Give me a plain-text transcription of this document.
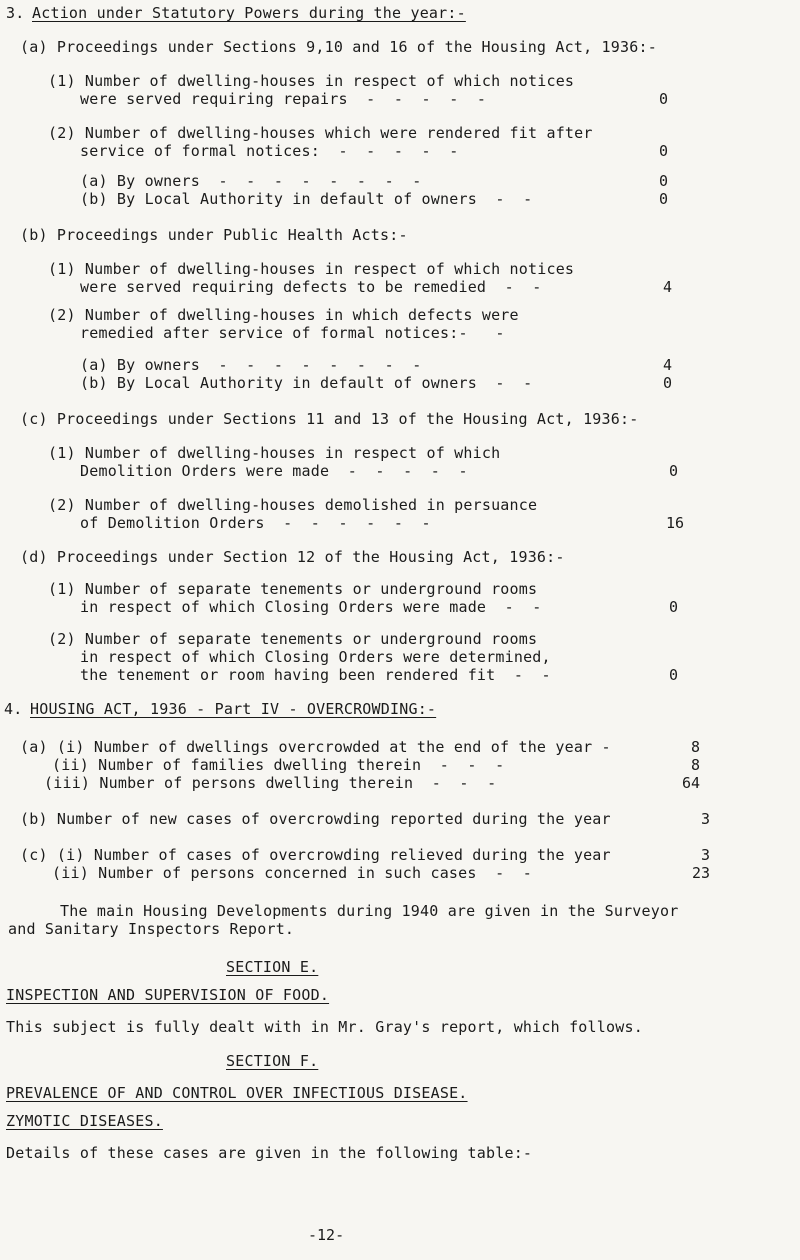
3. Action under Statutory Powers during the year:-
(a) Proceedings under Sections 9,10 and 16 of the Housing Act, 1936:-
(1) Number of dwelling-houses in respect of which notices
were served requiring repairs  -  -  -  -  -	0
(2) Number of dwelling-houses which were rendered fit after
service of formal notices:  -  -  -  -  -	0
(a) By owners  -  -  -  -  -  -  -  -	0
(b) By Local Authority in default of owners  -  -	0
(b) Proceedings under Public Health Acts:-
(1) Number of dwelling-houses in respect of which notices
were served requiring defects to be remedied  -  -	4
(2) Number of dwelling-houses in which defects were
remedied after service of formal notices:-   -
(a) By owners  -  -  -  -  -  -  -  -	4
(b) By Local Authority in default of owners  -  -	0
(c) Proceedings under Sections 11 and 13 of the Housing Act, 1936:-
(1) Number of dwelling-houses in respect of which
Demolition Orders were made  -  -  -  -  -	0
(2) Number of dwelling-houses demolished in persuance
of Demolition Orders  -  -  -  -  -  -	16
(d) Proceedings under Section 12 of the Housing Act, 1936:-
(1) Number of separate tenements or underground rooms
in respect of which Closing Orders were made  -  -	0
(2) Number of separate tenements or underground rooms
in respect of which Closing Orders were determined,
the tenement or room having been rendered fit  -  -	0
4. HOUSING ACT, 1936 - Part IV - OVERCROWDING:-
(a) (i) Number of dwellings overcrowded at the end of the year -	8
(ii) Number of families dwelling therein  -  -  -	8
(iii) Number of persons dwelling therein  -  -  -	64
(b) Number of new cases of overcrowding reported during the year	3
(c) (i) Number of cases of overcrowding relieved during the year	3
(ii) Number of persons concerned in such cases  -  -	23
The main Housing Developments during 1940 are given in the Surveyor
and Sanitary Inspectors Report.
SECTION E.
INSPECTION AND SUPERVISION OF FOOD.
This subject is fully dealt with in Mr. Gray's report, which follows.
SECTION F.
PREVALENCE OF AND CONTROL OVER INFECTIOUS DISEASE.
ZYMOTIC DISEASES.
Details of these cases are given in the following table:-
-12-
